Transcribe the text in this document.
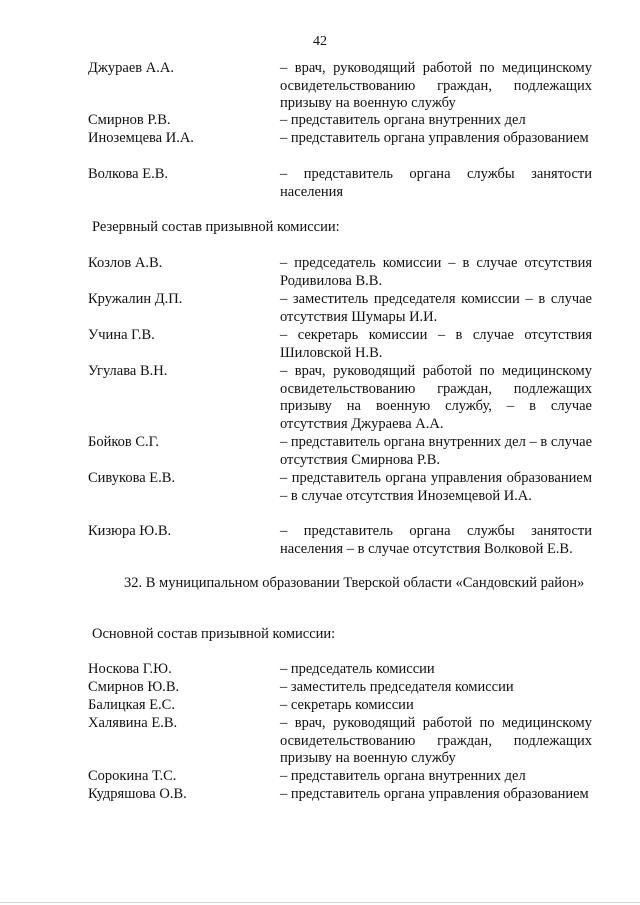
42
Джураев А.А.	– врач, руководящий работой по медицинскому освидетельствованию граждан, подлежащих призыву на военную службу
Смирнов Р.В.	– представитель органа внутренних дел
Иноземцева И.А.	– представитель органа управления образованием
Волкова Е.В.	– представитель органа службы занятости населения
Резервный состав призывной комиссии:
Козлов А.В.	– председатель комиссии – в случае отсутствия Родивилова В.В.
Кружалин Д.П.	– заместитель председателя комиссии – в случае отсутствия Шумары И.И.
Учина Г.В.	– секретарь комиссии – в случае отсутствия Шиловской Н.В.
Угулава В.Н.	– врач, руководящий работой по медицинскому освидетельствованию граждан, подлежащих призыву на военную службу, – в случае отсутствия Джураева А.А.
Бойков С.Г.	– представитель органа внутренних дел – в случае отсутствия Смирнова Р.В.
Сивукова Е.В.	– представитель органа управления образованием – в случае отсутствия Иноземцевой И.А.
Кизюра Ю.В.	– представитель органа службы занятости населения – в случае отсутствия Волковой Е.В.
32. В муниципальном образовании Тверской области «Сандовский район»
Основной состав призывной комиссии:
Носкова Г.Ю.	– председатель комиссии
Смирнов Ю.В.	– заместитель председателя комиссии
Балицкая Е.С.	– секретарь комиссии
Халявина Е.В.	– врач, руководящий работой по медицинскому освидетельствованию граждан, подлежащих призыву на военную службу
Сорокина Т.С.	– представитель органа внутренних дел
Кудряшова О.В.	– представитель органа управления образованием
